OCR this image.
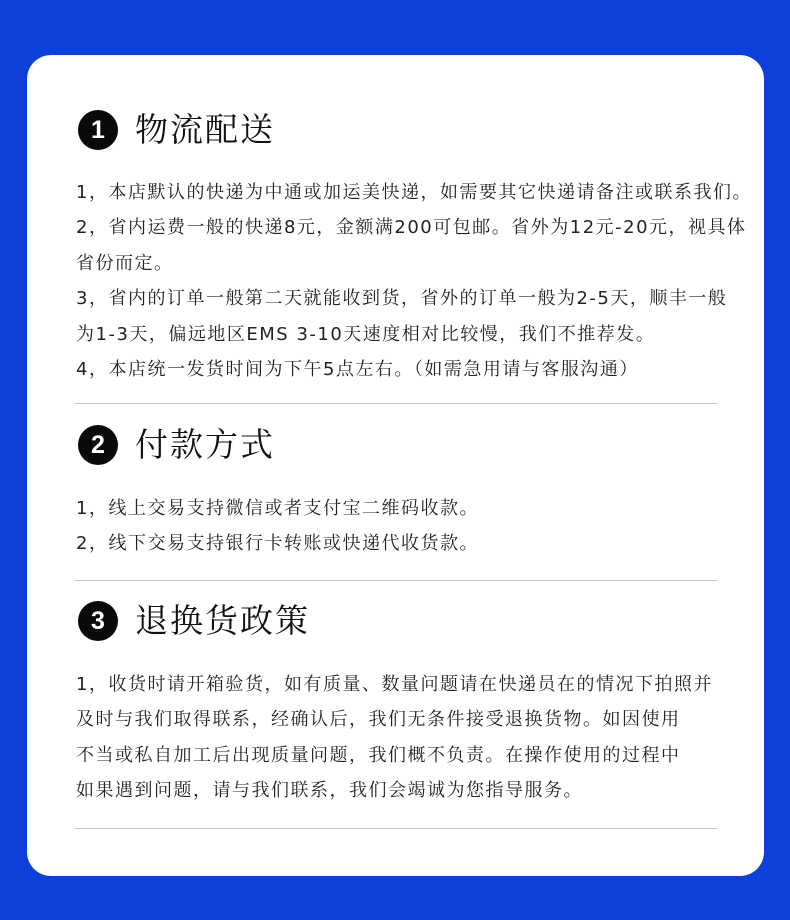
1 物流配送
1，本店默认的快递为中通或加运美快递，如需要其它快递请备注或联系我们。
2，省内运费一般的快递8元，金额满200可包邮。省外为12元-20元，视具体
省份而定。
3，省内的订单一般第二天就能收到货，省外的订单一般为2-5天，顺丰一般
为1-3天，偏远地区EMS 3-10天速度相对比较慢，我们不推荐发。
4，本店统一发货时间为下午5点左右。（如需急用请与客服沟通）
2 付款方式
1，线上交易支持微信或者支付宝二维码收款。
2，线下交易支持银行卡转账或快递代收货款。
3 退换货政策
1，收货时请开箱验货，如有质量、数量问题请在快递员在的情况下拍照并
及时与我们取得联系，经确认后，我们无条件接受退换货物。如因使用
不当或私自加工后出现质量问题，我们概不负责。在操作使用的过程中
如果遇到问题，请与我们联系，我们会竭诚为您指导服务。
